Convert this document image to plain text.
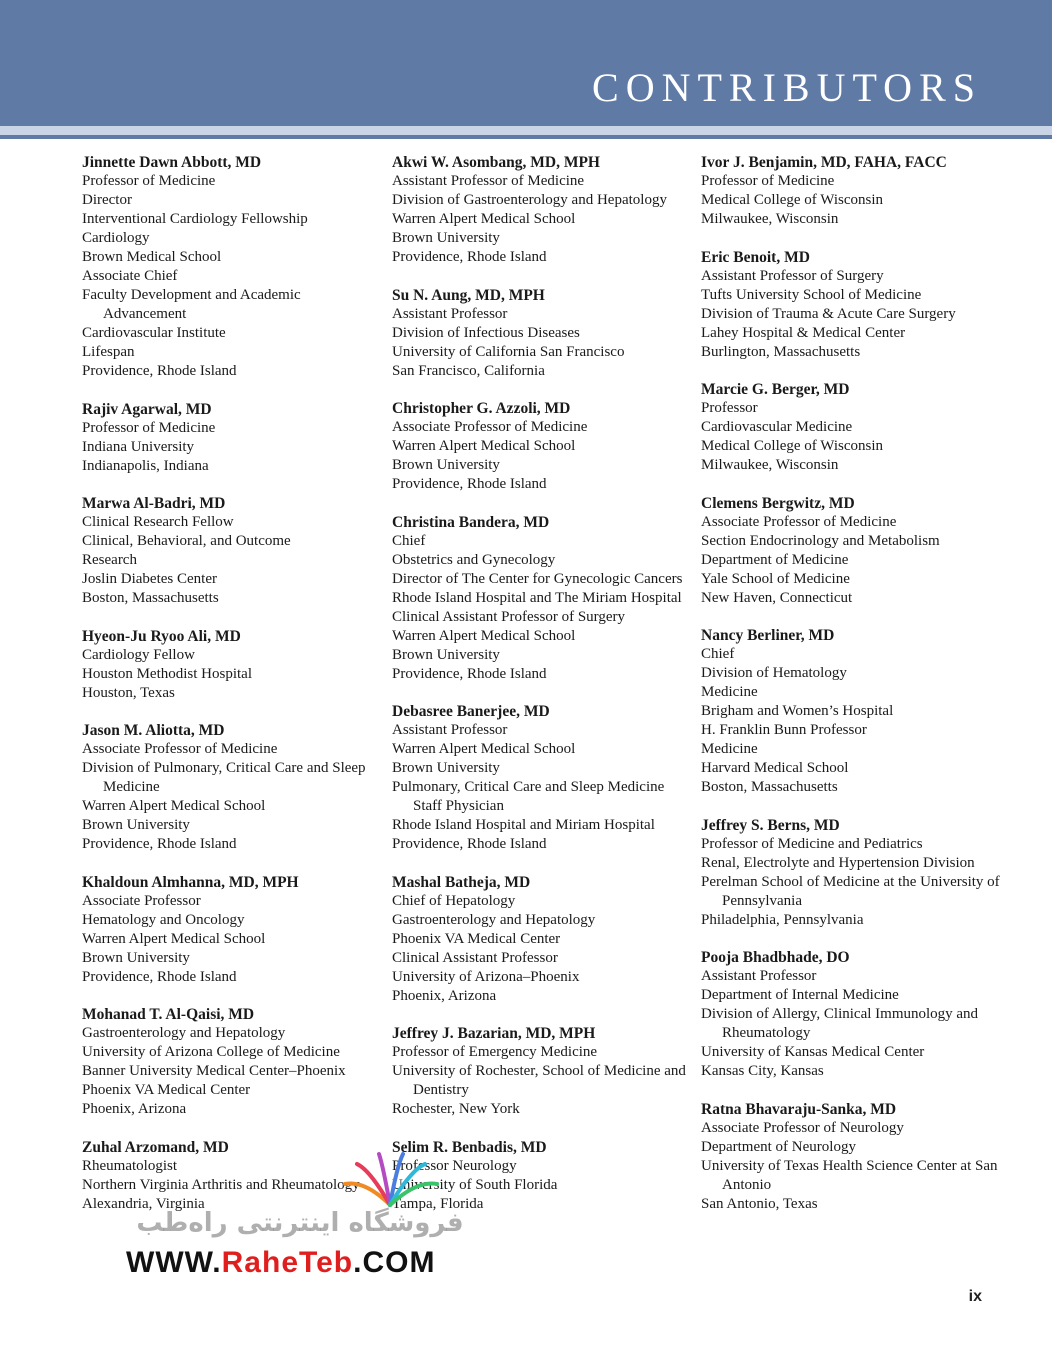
CONTRIBUTORS
Jinnette Dawn Abbott, MD
Professor of Medicine
Director
Interventional Cardiology Fellowship
Cardiology
Brown Medical School
Associate Chief
Faculty Development and Academic Advancement
Cardiovascular Institute
Lifespan
Providence, Rhode Island
Rajiv Agarwal, MD
Professor of Medicine
Indiana University
Indianapolis, Indiana
Marwa Al-Badri, MD
Clinical Research Fellow
Clinical, Behavioral, and Outcome
Research
Joslin Diabetes Center
Boston, Massachusetts
Hyeon-Ju Ryoo Ali, MD
Cardiology Fellow
Houston Methodist Hospital
Houston, Texas
Jason M. Aliotta, MD
Associate Professor of Medicine
Division of Pulmonary, Critical Care and Sleep Medicine
Warren Alpert Medical School
Brown University
Providence, Rhode Island
Khaldoun Almhanna, MD, MPH
Associate Professor
Hematology and Oncology
Warren Alpert Medical School
Brown University
Providence, Rhode Island
Mohanad T. Al-Qaisi, MD
Gastroenterology and Hepatology
University of Arizona College of Medicine
Banner University Medical Center–Phoenix
Phoenix VA Medical Center
Phoenix, Arizona
Zuhal Arzomand, MD
Rheumatologist
Northern Virginia Arthritis and Rheumatology
Alexandria, Virginia
Akwi W. Asombang, MD, MPH
Assistant Professor of Medicine
Division of Gastroenterology and Hepatology
Warren Alpert Medical School
Brown University
Providence, Rhode Island
Su N. Aung, MD, MPH
Assistant Professor
Division of Infectious Diseases
University of California San Francisco
San Francisco, California
Christopher G. Azzoli, MD
Associate Professor of Medicine
Warren Alpert Medical School
Brown University
Providence, Rhode Island
Christina Bandera, MD
Chief
Obstetrics and Gynecology
Director of The Center for Gynecologic Cancers
Rhode Island Hospital and The Miriam Hospital
Clinical Assistant Professor of Surgery
Warren Alpert Medical School
Brown University
Providence, Rhode Island
Debasree Banerjee, MD
Assistant Professor
Warren Alpert Medical School
Brown University
Pulmonary, Critical Care and Sleep Medicine Staff Physician
Rhode Island Hospital and Miriam Hospital
Providence, Rhode Island
Mashal Batheja, MD
Chief of Hepatology
Gastroenterology and Hepatology
Phoenix VA Medical Center
Clinical Assistant Professor
University of Arizona–Phoenix
Phoenix, Arizona
Jeffrey J. Bazarian, MD, MPH
Professor of Emergency Medicine
University of Rochester, School of Medicine and Dentistry
Rochester, New York
Selim R. Benbadis, MD
Professor Neurology
University of South Florida
Tampa, Florida
Ivor J. Benjamin, MD, FAHA, FACC
Professor of Medicine
Medical College of Wisconsin
Milwaukee, Wisconsin
Eric Benoit, MD
Assistant Professor of Surgery
Tufts University School of Medicine
Division of Trauma & Acute Care Surgery
Lahey Hospital & Medical Center
Burlington, Massachusetts
Marcie G. Berger, MD
Professor
Cardiovascular Medicine
Medical College of Wisconsin
Milwaukee, Wisconsin
Clemens Bergwitz, MD
Associate Professor of Medicine
Section Endocrinology and Metabolism
Department of Medicine
Yale School of Medicine
New Haven, Connecticut
Nancy Berliner, MD
Chief
Division of Hematology
Medicine
Brigham and Women’s Hospital
H. Franklin Bunn Professor
Medicine
Harvard Medical School
Boston, Massachusetts
Jeffrey S. Berns, MD
Professor of Medicine and Pediatrics
Renal, Electrolyte and Hypertension Division
Perelman School of Medicine at the University of Pennsylvania
Philadelphia, Pennsylvania
Pooja Bhadbhade, DO
Assistant Professor
Department of Internal Medicine
Division of Allergy, Clinical Immunology and Rheumatology
University of Kansas Medical Center
Kansas City, Kansas
Ratna Bhavaraju-Sanka, MD
Associate Professor of Neurology
Department of Neurology
University of Texas Health Science Center at San Antonio
San Antonio, Texas
فروشگاه اینترنتی راه‌طب
WWW.RaheTeb.COM
ix
